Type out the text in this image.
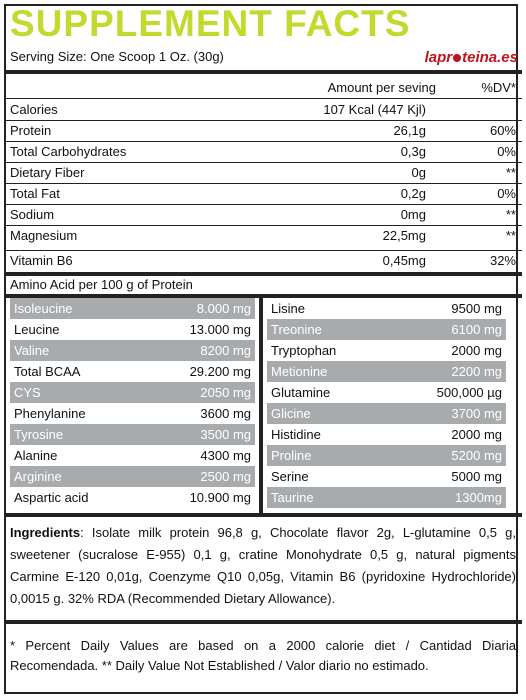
SUPPLEMENT FACTS
Serving Size: One Scoop 1 Oz. (30g)	lapr teina.es
Amount per seving	%DV*
Calories	107 Kcal (447 Kjl)
Protein	26,1g	60%
Total Carbohydrates	0,3g	0%
Dietary Fiber	0g	**
Total Fat	0,2g	0%
Sodium	0mg	**
Magnesium	22,5mg	**
Vitamin B6	0,45mg	32%
Amino Acid per 100 g of Protein
Isoleucine	8.000 mg
Leucine	13.000 mg
Valine	8200 mg
Total BCAA	29.200 mg
CYS	2050 mg
Phenylanine	3600 mg
Tyrosine	3500 mg
Alanine	4300 mg
Arginine	2500 mg
Aspartic acid	10.900 mg
Lisine	9500 mg
Treonine	6100 mg
Tryptophan	2000 mg
Metionine	2200 mg
Glutamine	500,000 µg
Glicine	3700 mg
Histidine	2000 mg
Proline	5200 mg
Serine	5000 mg
Taurine	1300mg
Ingredients: Isolate milk protein 96,8 g, Chocolate flavor 2g, L-glutamine 0,5 g, sweetener (sucralose E-955) 0,1 g, cratine Monohydrate 0,5 g, natural pigments Carmine E-120 0,01g, Coenzyme Q10 0,05g, Vitamin B6 (pyridoxine Hydrochloride) 0,0015 g. 32% RDA (Recommended Dietary Allowance).
* Percent Daily Values are based on a 2000 calorie diet / Cantidad Diaria Recomendada. ** Daily Value Not Established / Valor diario no estimado.
